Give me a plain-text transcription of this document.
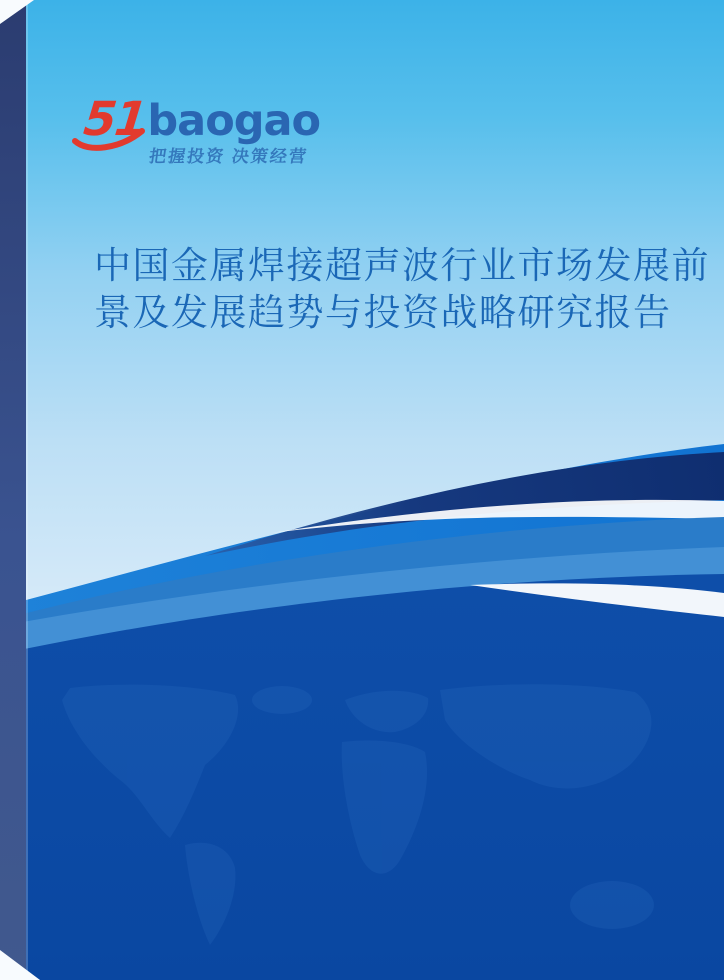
51baogao
把握投资 决策经营
中国金属焊接超声波行业市场发展前
景及发展趋势与投资战略研究报告
